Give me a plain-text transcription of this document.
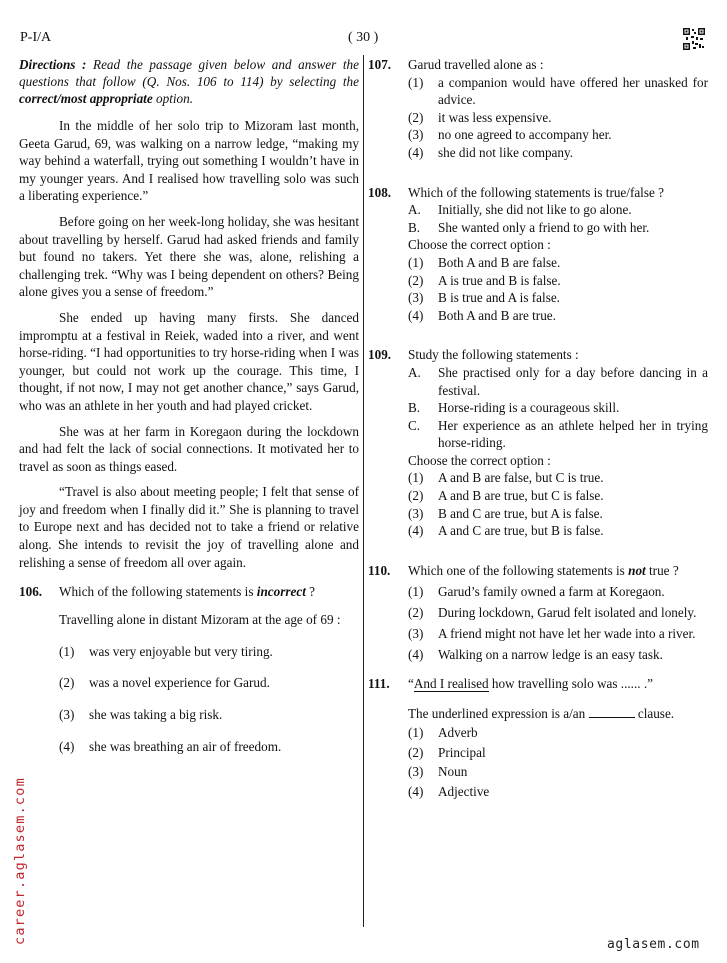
P-I/A	( 30 )

Directions : Read the passage given below and answer the questions that follow (Q. Nos. 106 to 114) by selecting the correct/most appropriate option.

In the middle of her solo trip to Mizoram last month, Geeta Garud, 69, was walking on a narrow ledge, “making my way behind a waterfall, trying out something I wouldn’t have in my younger years. And I realised how travelling solo was such a liberating experience.”

Before going on her week-long holiday, she was hesitant about travelling by herself. Garud had asked friends and family but found no takers. Yet there she was, alone, relishing a challenging trek. “Why was I being dependent on others? Being alone gives you a sense of freedom.”

She ended up having many firsts. She danced impromptu at a festival in Reiek, waded into a river, and went horse-riding. “I had opportunities to try horse-riding when I was younger, but could not work up the courage. This time, I thought, if not now, I may not get another chance,” says Garud, who was an athlete in her youth and had played cricket.

She was at her farm in Koregaon during the lockdown and had felt the lack of social connections. It motivated her to travel as soon as things eased.

“Travel is also about meeting people; I felt that sense of joy and freedom when I finally did it.” She is planning to travel to Europe next and has decided not to take a friend or relative along. She intends to revisit the joy of travelling alone and relishing a sense of freedom all over again.

106. Which of the following statements is incorrect ?
Travelling alone in distant Mizoram at the age of 69 :
(1) was very enjoyable but very tiring.
(2) was a novel experience for Garud.
(3) she was taking a big risk.
(4) she was breathing an air of freedom.
107. Garud travelled alone as :
(1) a companion would have offered her unasked for advice.
(2) it was less expensive.
(3) no one agreed to accompany her.
(4) she did not like company.
108. Which of the following statements is true/false ?
A. Initially, she did not like to go alone.
B. She wanted only a friend to go with her.
Choose the correct option :
(1) Both A and B are false.
(2) A is true and B is false.
(3) B is true and A is false.
(4) Both A and B are true.
109. Study the following statements :
A. She practised only for a day before dancing in a festival.
B. Horse-riding is a courageous skill.
C. Her experience as an athlete helped her in trying horse-riding.
Choose the correct option :
(1) A and B are false, but C is true.
(2) A and B are true, but C is false.
(3) B and C are true, but A is false.
(4) A and C are true, but B is false.
110. Which one of the following statements is not true ?
(1) Garud’s family owned a farm at Koregaon.
(2) During lockdown, Garud felt isolated and lonely.
(3) A friend might not have let her wade into a river.
(4) Walking on a narrow ledge is an easy task.
111. “And I realised how travelling solo was ...... .”
The underlined expression is a/an	clause.
(1) Adverb
(2) Principal
(3) Noun
(4) Adjective
career.aglasem.com	aglasem.com
